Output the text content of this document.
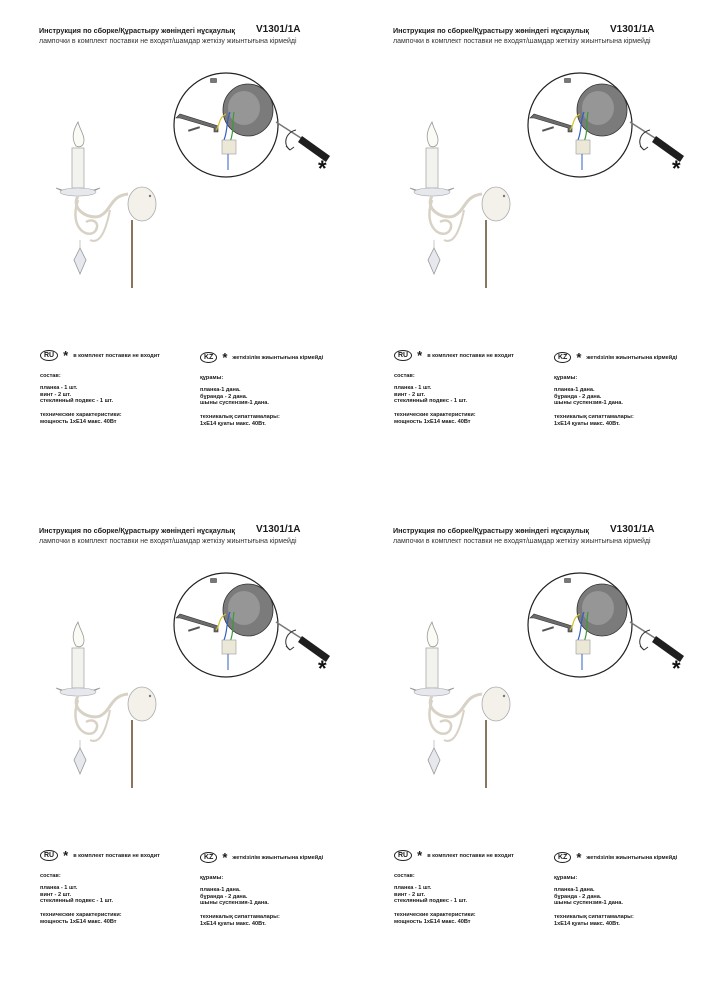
Инструкция по сборке/Құрастыру жөніндегі нұсқаулық V1301/1A
лампочки в комплект поставки не входят/шамдар жеткізу жиынтығына кірмейді
*
RU * в комплект поставки не входит	KZ * жеткізілім жиынтығына кірмейді
состав:
планка - 1 шт.
винт - 2 шт.
стеклянный подвес - 1 шт.
технические характеристики:
мощность 1хЕ14 макс. 40Вт
құрамы:
планка-1 дана.
бұранда - 2 дана.
шыны суспензия-1 дана.
техникалық сипаттамалары:
1хЕ14 қуаты макс. 40Вт.
Инструкция по сборке/Құрастыру жөніндегі нұсқаулық V1301/1A
лампочки в комплект поставки не входят/шамдар жеткізу жиынтығына кірмейді
*
RU * в комплект поставки не входит	KZ * жеткізілім жиынтығына кірмейді
состав:
планка - 1 шт.
винт - 2 шт.
стеклянный подвес - 1 шт.
технические характеристики:
мощность 1хЕ14 макс. 40Вт
құрамы:
планка-1 дана.
бұранда - 2 дана.
шыны суспензия-1 дана.
техникалық сипаттамалары:
1хЕ14 қуаты макс. 40Вт.
Инструкция по сборке/Құрастыру жөніндегі нұсқаулық V1301/1A
лампочки в комплект поставки не входят/шамдар жеткізу жиынтығына кірмейді
*
RU * в комплект поставки не входит	KZ * жеткізілім жиынтығына кірмейді
состав:
планка - 1 шт.
винт - 2 шт.
стеклянный подвес - 1 шт.
технические характеристики:
мощность 1хЕ14 макс. 40Вт
құрамы:
планка-1 дана.
бұранда - 2 дана.
шыны суспензия-1 дана.
техникалық сипаттамалары:
1хЕ14 қуаты макс. 40Вт.
Инструкция по сборке/Құрастыру жөніндегі нұсқаулық V1301/1A
лампочки в комплект поставки не входят/шамдар жеткізу жиынтығына кірмейді
*
RU * в комплект поставки не входит	KZ * жеткізілім жиынтығына кірмейді
состав:
планка - 1 шт.
винт - 2 шт.
стеклянный подвес - 1 шт.
технические характеристики:
мощность 1хЕ14 макс. 40Вт
құрамы:
планка-1 дана.
бұранда - 2 дана.
шыны суспензия-1 дана.
техникалық сипаттамалары:
1хЕ14 қуаты макс. 40Вт.
